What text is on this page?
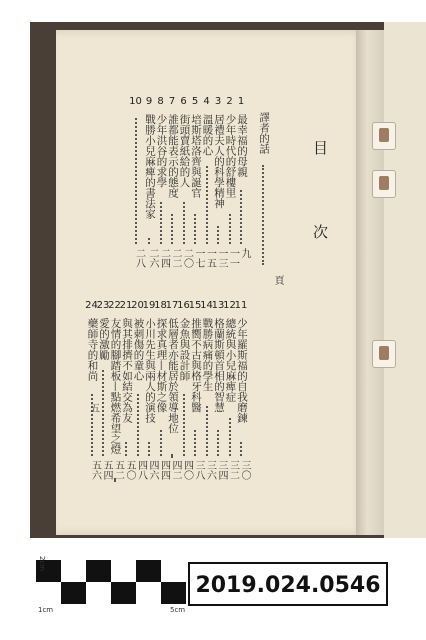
目 次
譯者的話
頁
1
最幸福的母親
九
2
少年時代的舒樓里
一一
3
居禮夫人的科學精神
一三
4
溫暖的心
一五
5
培斯塔洛齊與誕官
一七
6
街頭賣紙給的人
二〇
7
誰都能表示的態度
二二
8
少年洪谷的求學
二四
9
戰勝小兒麻痺的書法家
二六
10
二八
11
少年羅斯福的自我磨鍊
三〇
12
總統與小兒麻痺症
三二
13
格蘭斯頓首相的智慧
三四
14
戰勝病痛的學生
三六
15
推嚮不古與格牙科醫
三八
16
金魚與設計師
四〇
17
低層者亦能居於領導地位
四二
18
探求真理—材斯之像
四四
19
小川先生與兩人的演技
四六
20
被刺傷的童心
四八
21
與其排擠不如結交為友
五〇
22
友情的腳踏板—點燃希望之燈
五二
23
愛的激勵
五四
24
藥師寺的和尚
五六
五
2cm
1cm	5cm
2019.024.0546
